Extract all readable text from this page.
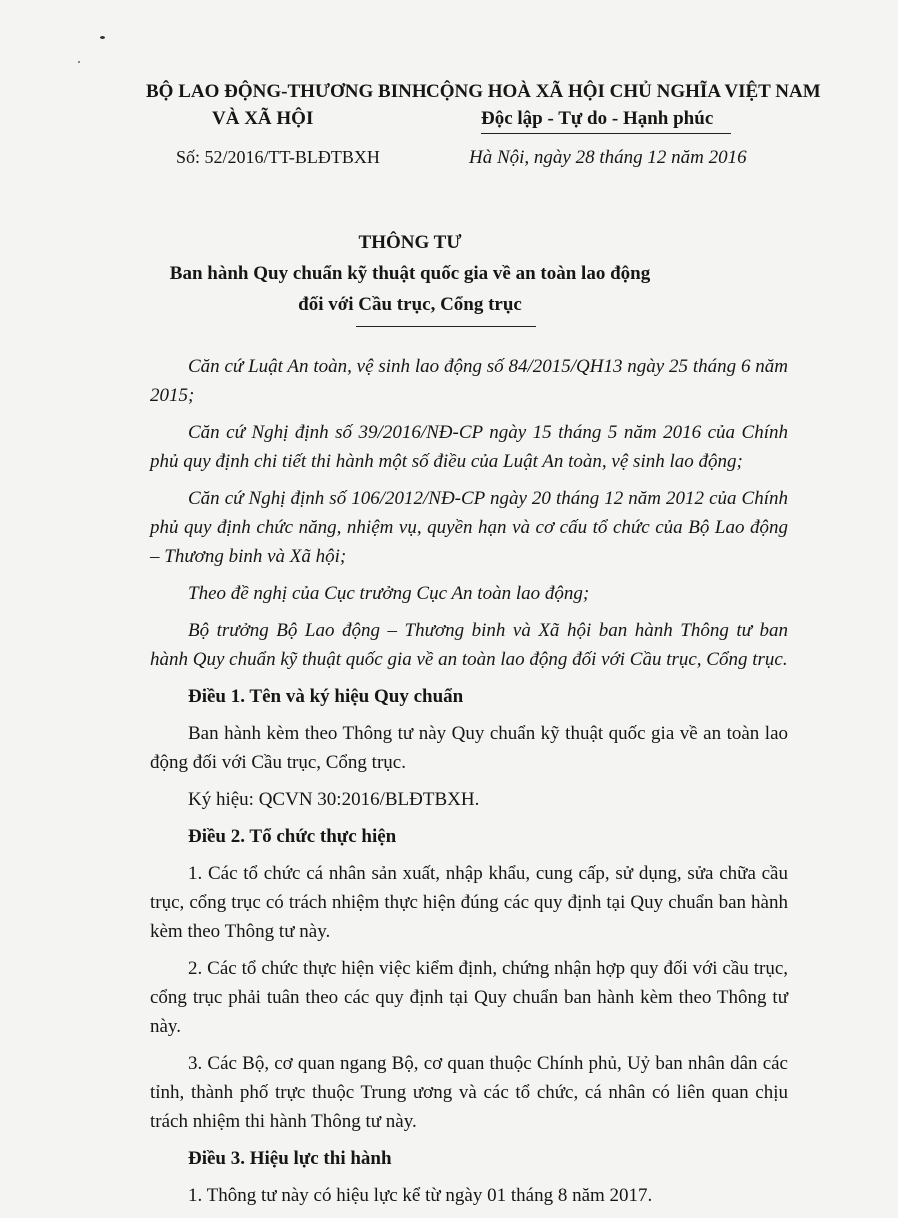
BỘ LAO ĐỘNG-THƯƠNG BINH
VÀ XÃ HỘI
CỘNG HOÀ XÃ HỘI CHỦ NGHĨA VIỆT NAM
Độc lập - Tự do - Hạnh phúc
Số: 52/2016/TT-BLĐTBXH	Hà Nội, ngày 28 tháng 12 năm 2016
THÔNG TƯ
Ban hành Quy chuẩn kỹ thuật quốc gia về an toàn lao động
đối với Cầu trục, Cổng trục

Căn cứ Luật An toàn, vệ sinh lao động số 84/2015/QH13 ngày 25 tháng 6 năm 2015;

Căn cứ Nghị định số 39/2016/NĐ-CP ngày 15 tháng 5 năm 2016 của Chính phủ quy định chi tiết thi hành một số điều của Luật An toàn, vệ sinh lao động;

Căn cứ Nghị định số 106/2012/NĐ-CP ngày 20 tháng 12 năm 2012 của Chính phủ quy định chức năng, nhiệm vụ, quyền hạn và cơ cấu tổ chức của Bộ Lao động – Thương binh và Xã hội;

Theo đề nghị của Cục trưởng Cục An toàn lao động;

Bộ trưởng Bộ Lao động – Thương binh và Xã hội ban hành Thông tư ban hành Quy chuẩn kỹ thuật quốc gia về an toàn lao động đối với Cầu trục, Cổng trục.

Điều 1. Tên và ký hiệu Quy chuẩn

Ban hành kèm theo Thông tư này Quy chuẩn kỹ thuật quốc gia về an toàn lao động đối với Cầu trục, Cổng trục.

Ký hiệu: QCVN 30:2016/BLĐTBXH.

Điều 2. Tổ chức thực hiện

1. Các tổ chức cá nhân sản xuất, nhập khẩu, cung cấp, sử dụng, sửa chữa cầu trục, cổng trục có trách nhiệm thực hiện đúng các quy định tại Quy chuẩn ban hành kèm theo Thông tư này.

2. Các tổ chức thực hiện việc kiểm định, chứng nhận hợp quy đối với cầu trục, cổng trục phải tuân theo các quy định tại Quy chuẩn ban hành kèm theo Thông tư này.

3. Các Bộ, cơ quan ngang Bộ, cơ quan thuộc Chính phủ, Uỷ ban nhân dân các tỉnh, thành phố trực thuộc Trung ương và các tổ chức, cá nhân có liên quan chịu trách nhiệm thi hành Thông tư này.

Điều 3. Hiệu lực thi hành

1. Thông tư này có hiệu lực kể từ ngày 01 tháng 8 năm 2017.
